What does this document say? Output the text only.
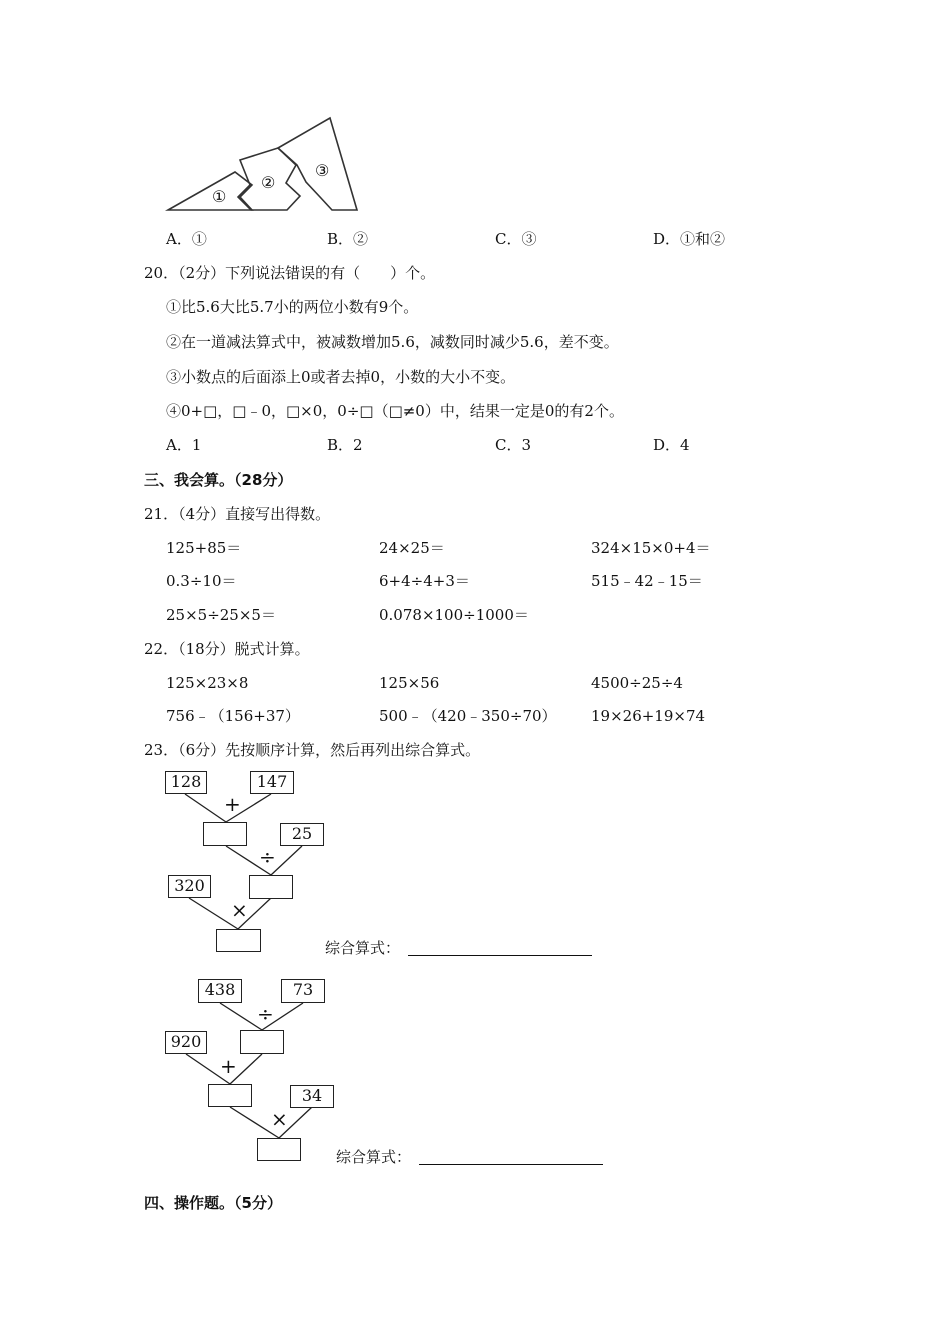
①
②
③
A．①	B．②	C．③	D．①和②
20．（2分）下列说法错误的有（　　）个。
①比5.6大比5.7小的两位小数有9个。
②在一道减法算式中，被减数增加5.6，减数同时减少5.6，差不变。
③小数点的后面添上0或者去掉0，小数的大小不变。
④0+□，□﹣0，□×0，0÷□（□≠0）中，结果一定是0的有2个。
A．1	B．2	C．3	D．4
三、我会算。（28分）
21．（4分）直接写出得数。
125+85＝	24×25＝	324×15×0+4＝
0.3÷10＝	6+4÷4+3＝	515﹣42﹣15＝
25×5÷25×5＝	0.078×100÷1000＝
22．（18分）脱式计算。
125×23×8	125×56	4500÷25÷4
756﹣（156+37）	500﹣（420﹣350÷70） 19×26+19×74
23．（6分）先按顺序计算，然后再列出综合算式。
128	147
+
25
÷
320
×
综合算式：
438	73
÷
920
+
34
×
综合算式：
四、操作题。（5分）
